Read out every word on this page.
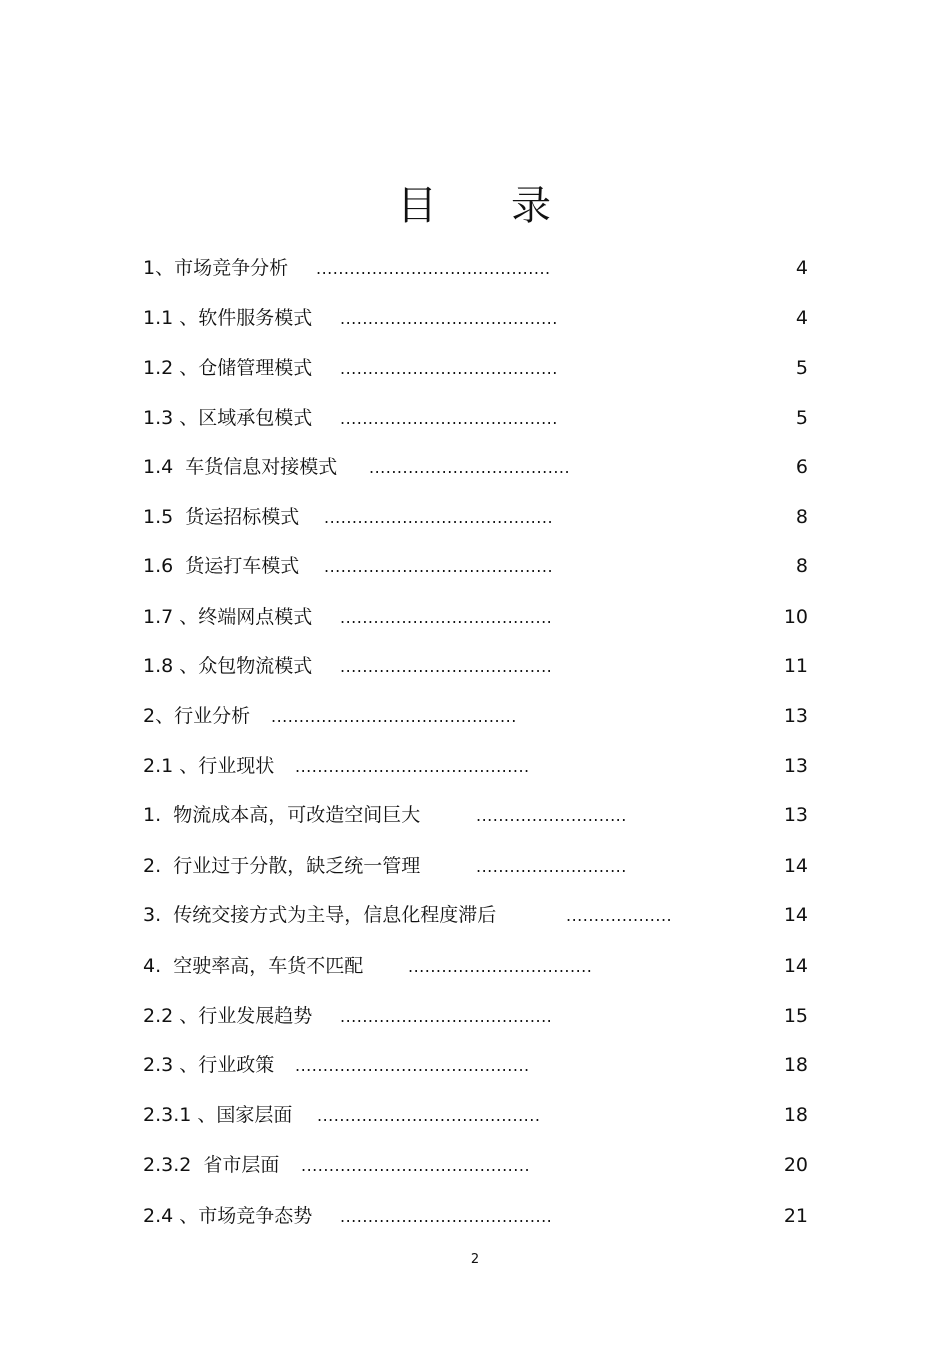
目 录
1、市场竞争分析 ..........................................	4
1.1 、软件服务模式 .......................................	4
1.2 、仓储管理模式 .......................................	5
1.3 、区域承包模式 .......................................	5
1.4  车货信息对接模式 ....................................	6
1.5  货运招标模式 .........................................	8
1.6  货运打车模式 .........................................	8
1.7 、终端网点模式 ......................................	10
1.8 、众包物流模式 ......................................	11
2、行业分析 ............................................	13
2.1 、行业现状 ..........................................	13
1.  物流成本高，可改造空间巨大	...........................	13
2.  行业过于分散，缺乏统一管理	...........................	14
3.  传统交接方式为主导，信息化程度滞后	...................	14
4.  空驶率高，车货不匹配	.................................	14
2.2 、行业发展趋势 ......................................	15
2.3 、行业政策 ..........................................	18
2.3.1 、国家层面 ........................................	18
2.3.2  省市层面 .........................................	20
2.4 、市场竞争态势 ......................................	21
2
